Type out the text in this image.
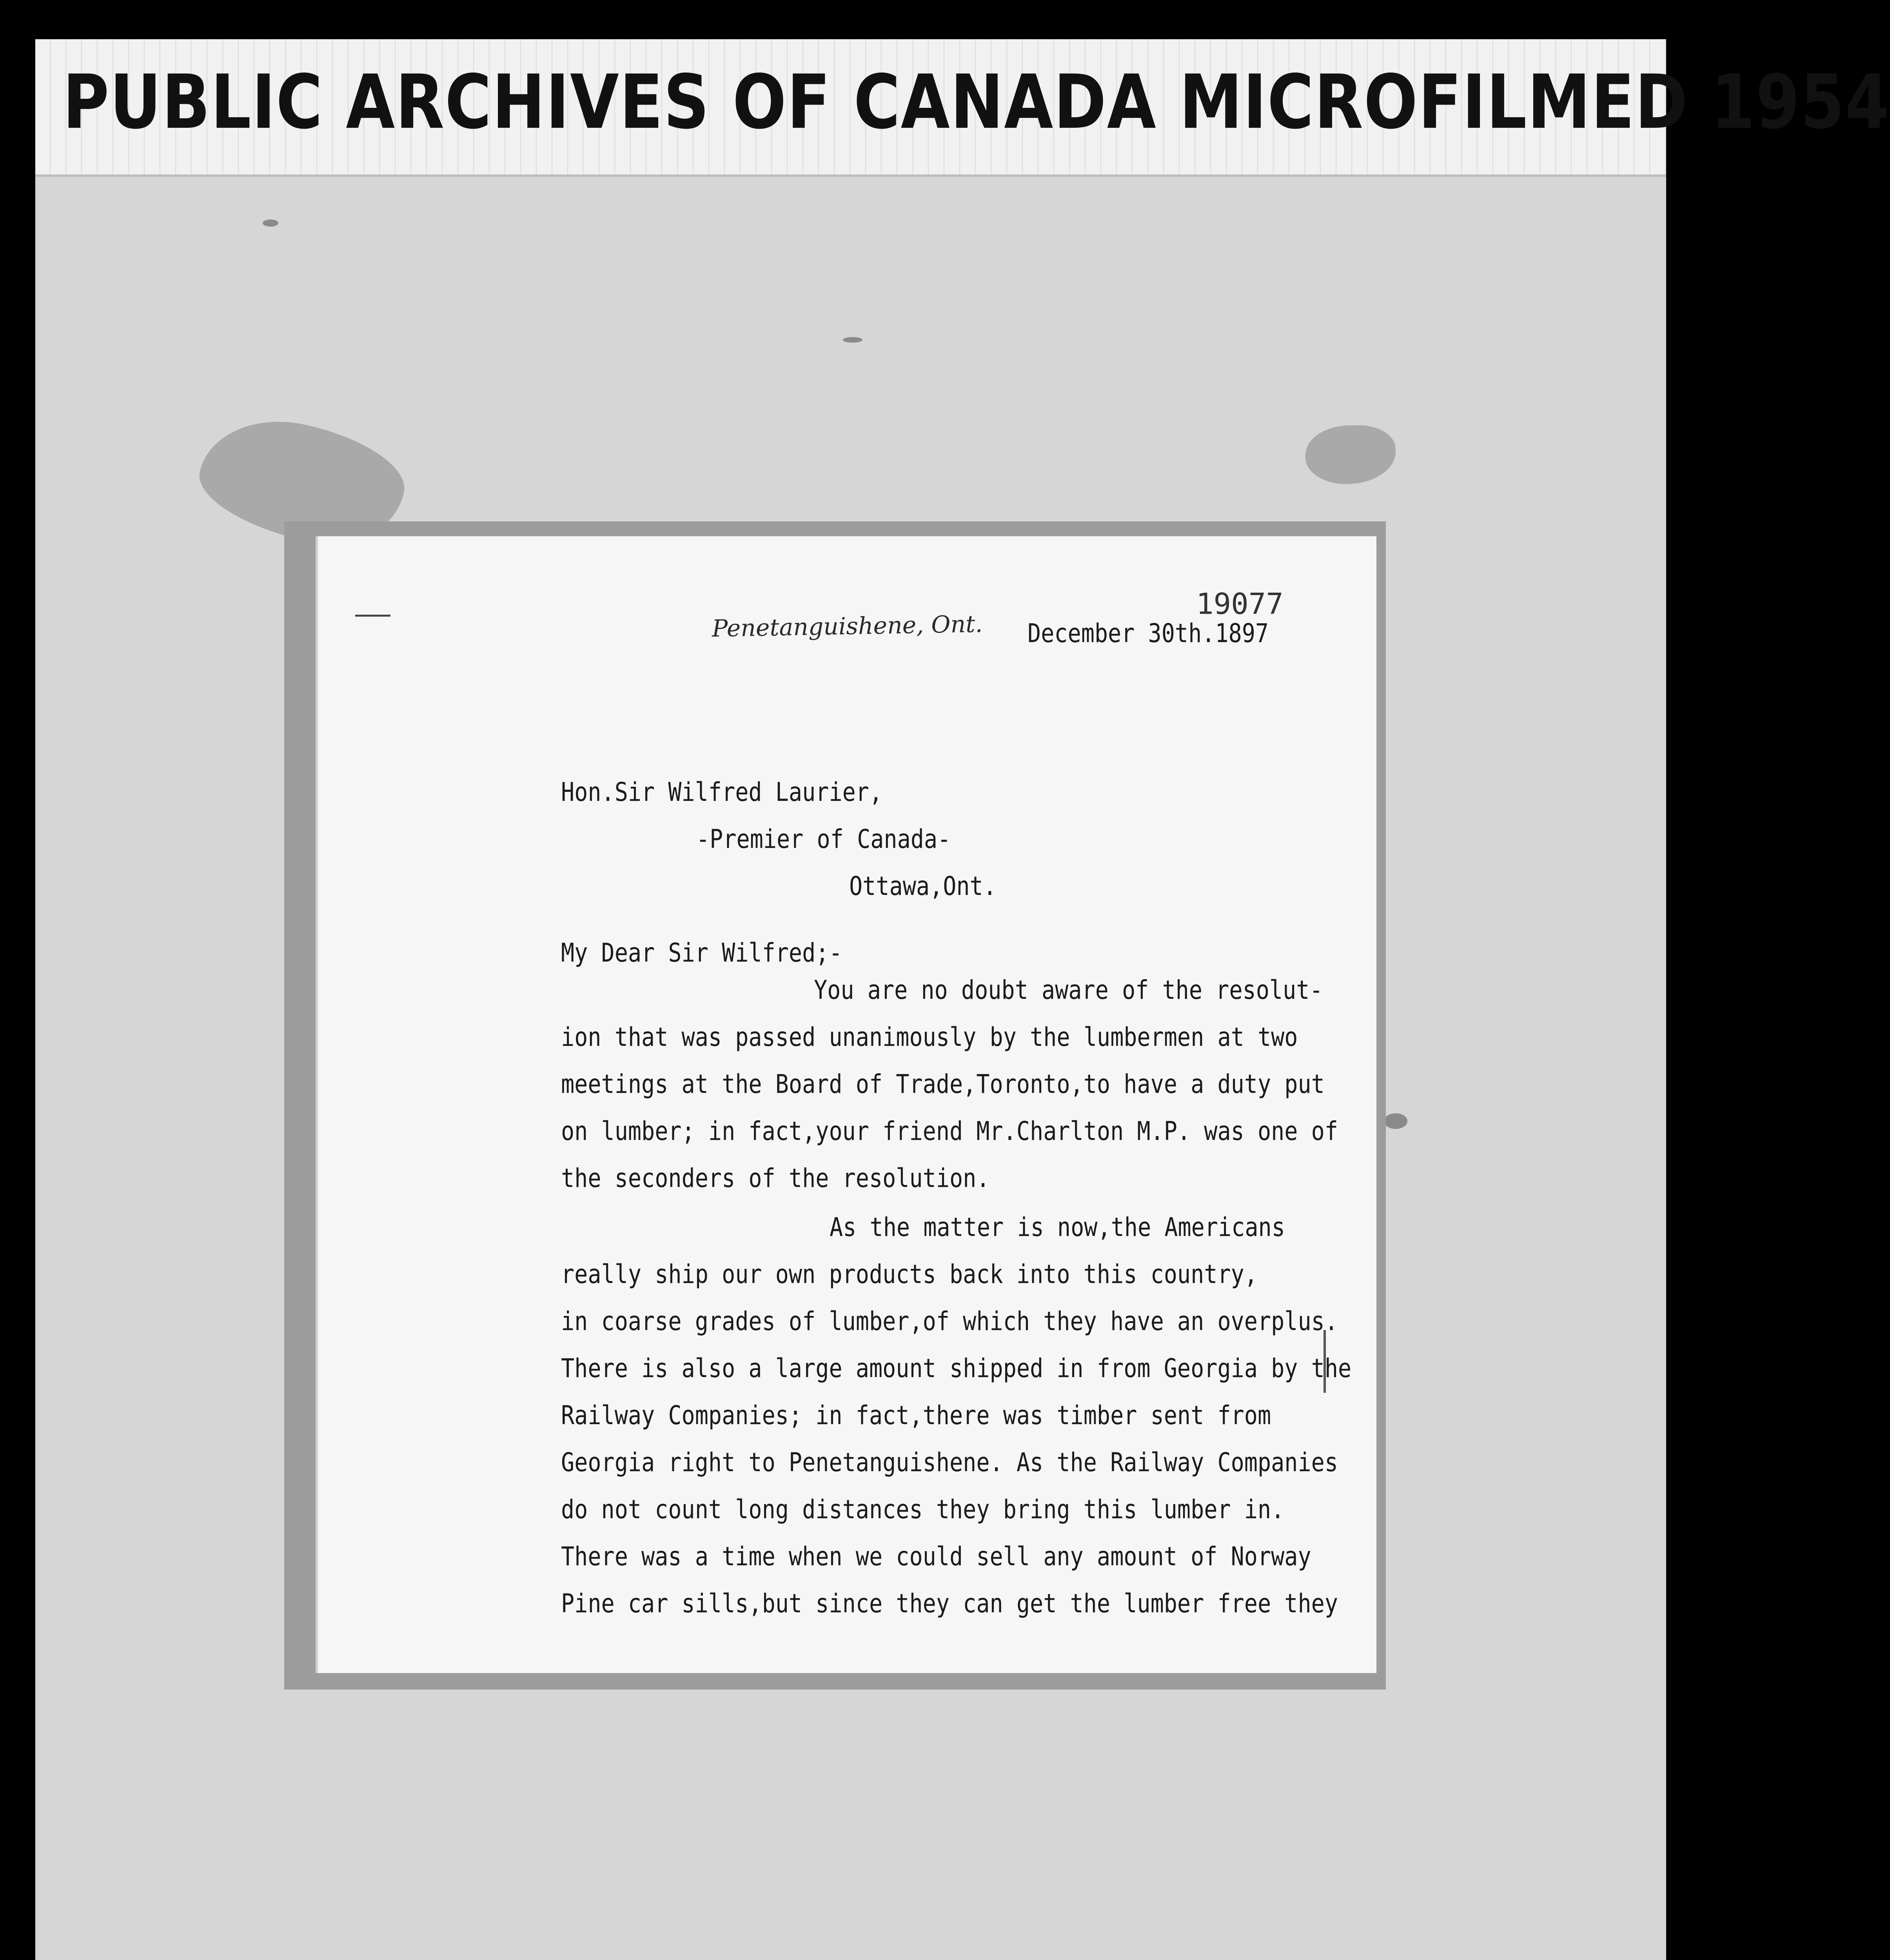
PUBLIC ARCHIVES OF CANADA MICROFILMED 1954
19077
Penetanguishene, Ont. December 30th.1897
Hon.Sir Wilfred Laurier,
-Premier of Canada-
Ottawa,Ont.
My Dear Sir Wilfred;-
You are no doubt aware of the resolut-
ion that was passed unanimously by the lumbermen at two
meetings at the Board of Trade,Toronto,to have a duty put
on lumber; in fact,your friend Mr.Charlton M.P. was one of
the seconders of the resolution.
As the matter is now,the Americans
really ship our own products back into this country,
in coarse grades of lumber,of which they have an overplus.
There is also a large amount shipped in from Georgia by the
Railway Companies; in fact,there was timber sent from
Georgia right to Penetanguishene. As the Railway Companies
do not count long distances they bring this lumber in.
There was a time when we could sell any amount of Norway
Pine car sills,but since they can get the lumber free they
